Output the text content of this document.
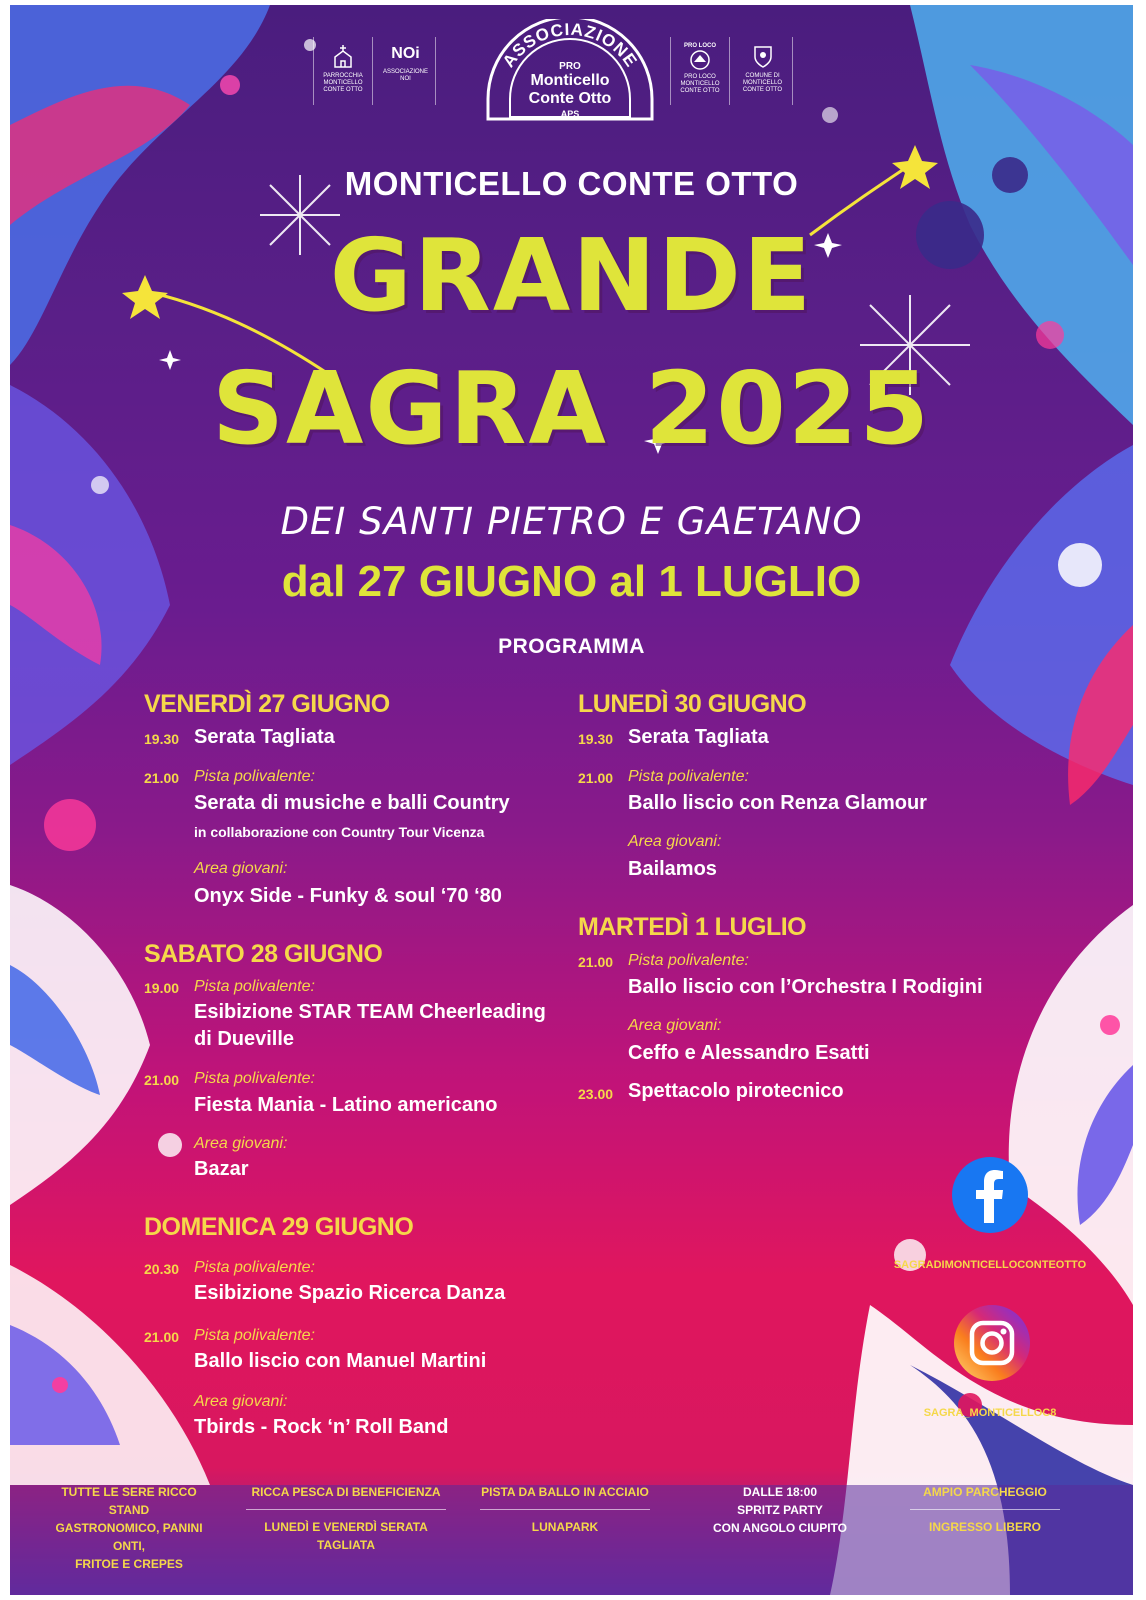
PARROCCHIA MONTICELLO CONTE OTTO
NOi
ASSOCIAZIONE NOI
ASSOCIAZIONE
PRO
Monticello
Conte Otto
APS
PRO LOCO
PRO LOCO MONTICELLO CONTE OTTO
COMUNE DI MONTICELLO CONTE OTTO
MONTICELLO CONTE OTTO
GRANDE
SAGRA 2025
DEI SANTI PIETRO E GAETANO
dal 27 GIUGNO al 1 LUGLIO
PROGRAMMA
VENERDÌ 27 GIUGNO
19.30 Serata Tagliata
21.00 Pista polivalente:
Serata di musiche e balli Country
in collaborazione con Country Tour Vicenza
Area giovani:
Onyx Side - Funky & soul ‘70 ‘80
SABATO 28 GIUGNO
19.00 Pista polivalente:
Esibizione STAR TEAM Cheerleading
di Dueville
21.00 Pista polivalente:
Fiesta Mania - Latino americano
Area giovani:
Bazar
DOMENICA 29 GIUGNO
20.30 Pista polivalente:
Esibizione Spazio Ricerca Danza
21.00 Pista polivalente:
Ballo liscio con Manuel Martini
Area giovani:
Tbirds - Rock ‘n’ Roll Band
LUNEDÌ 30 GIUGNO
19.30 Serata Tagliata
21.00 Pista polivalente:
Ballo liscio con Renza Glamour
Area giovani:
Bailamos
MARTEDÌ 1 LUGLIO
21.00 Pista polivalente:
Ballo liscio con l’Orchestra I Rodigini
Area giovani:
Ceffo e Alessandro Esatti
23.00 Spettacolo pirotecnico
SAGRADIMONTICELLOCONTEOTTO
SAGRA_MONTICELLOC8
TUTTE LE SERE RICCO STAND
GASTRONOMICO, PANINI ONTI,
FRITOE E CREPES
RICCA PESCA DI BENEFICIENZA
LUNEDÌ E VENERDÌ SERATA TAGLIATA
PISTA DA BALLO IN ACCIAIO
LUNAPARK
DALLE 18:00
SPRITZ PARTY
CON ANGOLO CIUPITO
AMPIO PARCHEGGIO
INGRESSO LIBERO
